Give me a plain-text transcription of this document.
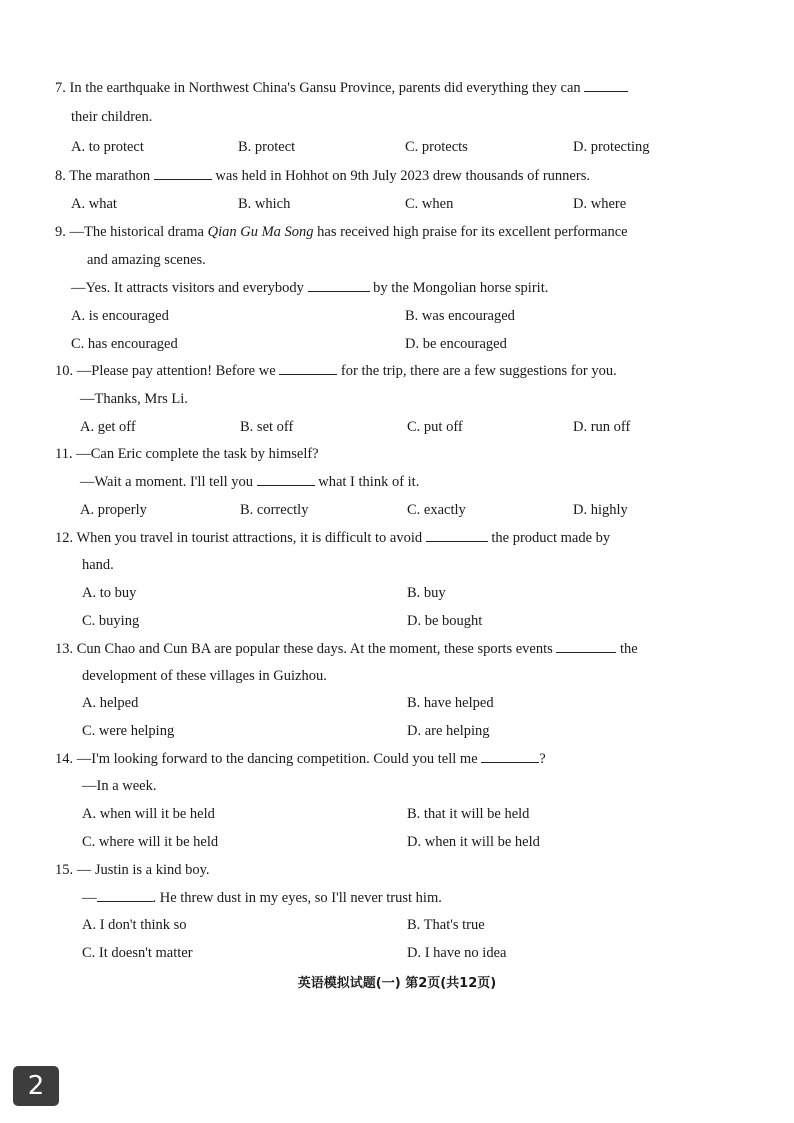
7. In the earthquake in Northwest China's Gansu Province, parents did everything they can
their children.
A. to protect	B. protect	C. protects	D. protecting
8. The marathon	was held in Hohhot on 9th July 2023 drew thousands of runners.
A. what	B. which	C. when	D. where
9. —The historical drama Qian Gu Ma Song has received high praise for its excellent performance
and amazing scenes.
—Yes. It attracts visitors and everybody	by the Mongolian horse spirit.
A. is encouraged	B. was encouraged
C. has encouraged	D. be encouraged
10. —Please pay attention! Before we	for the trip, there are a few suggestions for you.
—Thanks, Mrs Li.
A. get off	B. set off	C. put off	D. run off
11. —Can Eric complete the task by himself?
—Wait a moment. I'll tell you	what I think of it.
A. properly	B. correctly	C. exactly	D. highly
12. When you travel in tourist attractions, it is difficult to avoid	the product made by
hand.
A. to buy	B. buy
C. buying	D. be bought
13. Cun Chao and Cun BA are popular these days. At the moment, these sports events	the
development of these villages in Guizhou.
A. helped	B. have helped
C. were helping	D. are helping
14. —I'm looking forward to the dancing competition. Could you tell me	?
—In a week.
A. when will it be held	B. that it will be held
C. where will it be held	D. when it will be held
15. — Justin is a kind boy.
—	. He threw dust in my eyes, so I'll never trust him.
A. I don't think so	B. That's true
C. It doesn't matter	D. I have no idea
英语模拟试题(一) 第2页(共12页)
2
